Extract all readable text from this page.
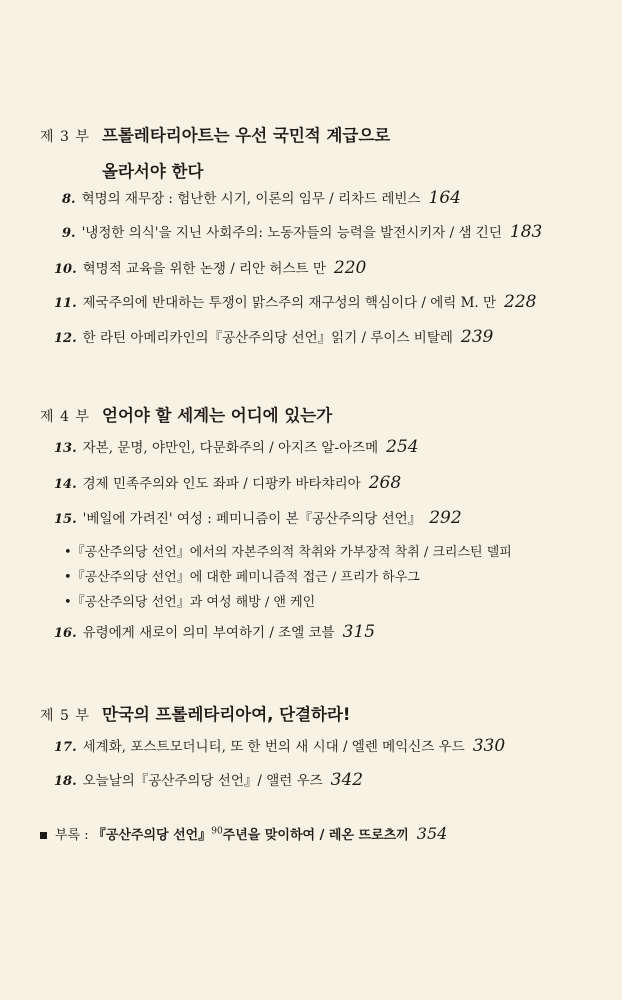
제 3 부 프롤레타리아트는 우선 국민적 계급으로
올라서야 한다
8. 혁명의 재무장 : 험난한 시기, 이론의 임무 / 리차드 레빈스 164
9. '냉정한 의식'을 지닌 사회주의: 노동자들의 능력을 발전시키자 / 샘 긴딘 183
10. 혁명적 교육을 위한 논쟁 / 리안 허스트 만 220
11. 제국주의에 반대하는 투쟁이 맑스주의 재구성의 핵심이다 / 에릭 M. 만 228
12. 한 라틴 아메리카인의『공산주의당 선언』읽기 / 루이스 비탈레 239
제 4 부 얻어야 할 세계는 어디에 있는가
13. 자본, 문명, 야만인, 다문화주의 / 아지즈 알-아즈메 254
14. 경제 민족주의와 인도 좌파 / 디팡카 바타챠리아 268
15. '베일에 가려진' 여성 : 페미니즘이 본『공산주의당 선언』 292
•『공산주의당 선언』에서의 자본주의적 착취와 가부장적 착취 / 크리스틴 델피
•『공산주의당 선언』에 대한 페미니즘적 접근 / 프리가 하우그
•『공산주의당 선언』과 여성 해방 / 앤 케인
16. 유령에게 새로이 의미 부여하기 / 조엘 코블 315
제 5 부 만국의 프롤레타리아여, 단결하라!
17. 세계화, 포스트모더니티, 또 한 번의 새 시대 / 엘렌 메익신즈 우드 330
18. 오늘날의『공산주의당 선언』/ 앨런 우즈 342
부록 : 『공산주의당 선언』$^{90}$주년을 맞이하여 / 레온 뜨로츠끼 354
